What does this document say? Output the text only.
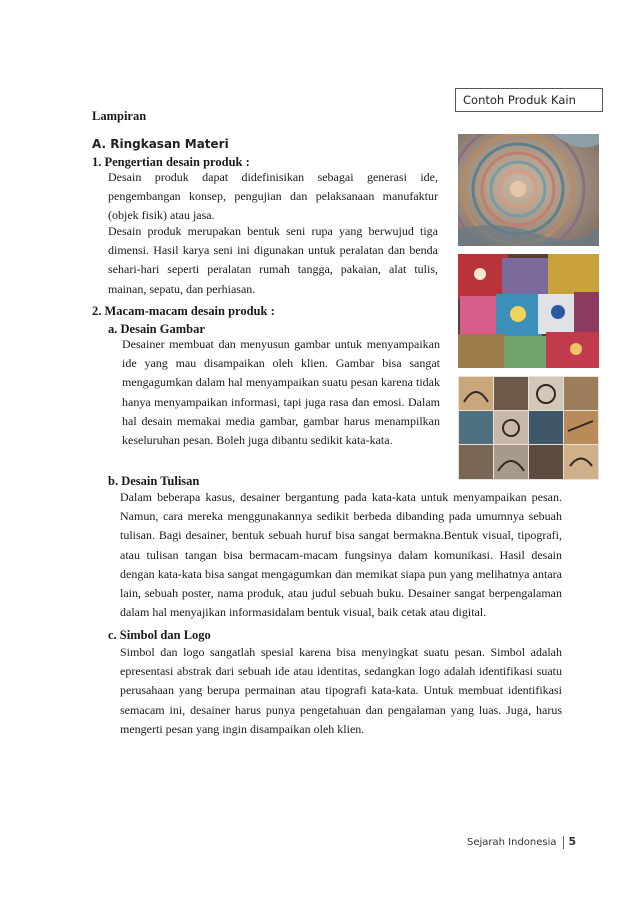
Contoh Produk Kain
Lampiran
A. Ringkasan Materi
1. Pengertian desain produk :
Desain produk dapat didefinisikan sebagai generasi ide, pengembangan konsep, pengujian dan pelaksanaan manufaktur (objek fisik) atau jasa.
Desain produk merupakan bentuk seni rupa yang berwujud tiga dimensi. Hasil karya seni ini digunakan untuk peralatan dan benda sehari-hari seperti peralatan rumah tangga, pakaian, alat tulis, mainan, sepatu, dan perhiasan.
2. Macam-macam desain produk :
a. Desain Gambar
Desainer membuat dan menyusun gambar untuk menyampaikan ide yang mau disampaikan oleh klien. Gambar bisa sangat mengagumkan dalam hal menyampaikan suatu pesan karena tidak hanya menyampaikan informasi, tapi juga rasa dan emosi. Dalam hal desain memakai media gambar, gambar harus menampilkan keseluruhan pesan. Boleh juga dibantu sedikit kata-kata.
b. Desain Tulisan
Dalam beberapa kasus, desainer bergantung pada kata-kata untuk menyampaikan pesan. Namun, cara mereka menggunakannya sedikit berbeda dibanding pada umumnya sebuah tulisan. Bagi desainer, bentuk sebuah huruf bisa sangat bermakna.Bentuk visual, tipografi, atau tulisan tangan bisa bermacam-macam fungsinya dalam komunikasi. Hasil desain dengan kata-kata bisa sangat mengagumkan dan memikat siapa pun yang melihatnya antara lain, sebuah poster, nama produk, atau judul sebuah buku. Desainer sangat berpengalaman dalam hal menyajikan informasidalam bentuk visual, baik cetak atau digital.
c. Simbol dan Logo
Simbol dan logo sangatlah spesial karena bisa menyingkat suatu pesan. Simbol adalah epresentasi abstrak dari sebuah ide atau identitas, sedangkan logo adalah identifikasi suatu perusahaan yang berupa permainan atau tipografi kata-kata. Untuk membuat identifikasi semacam ini, desainer harus punya pengetahuan dan pengalaman yang luas. Juga, harus mengerti pesan yang ingin disampaikan oleh klien.
Sejarah Indonesia 5
